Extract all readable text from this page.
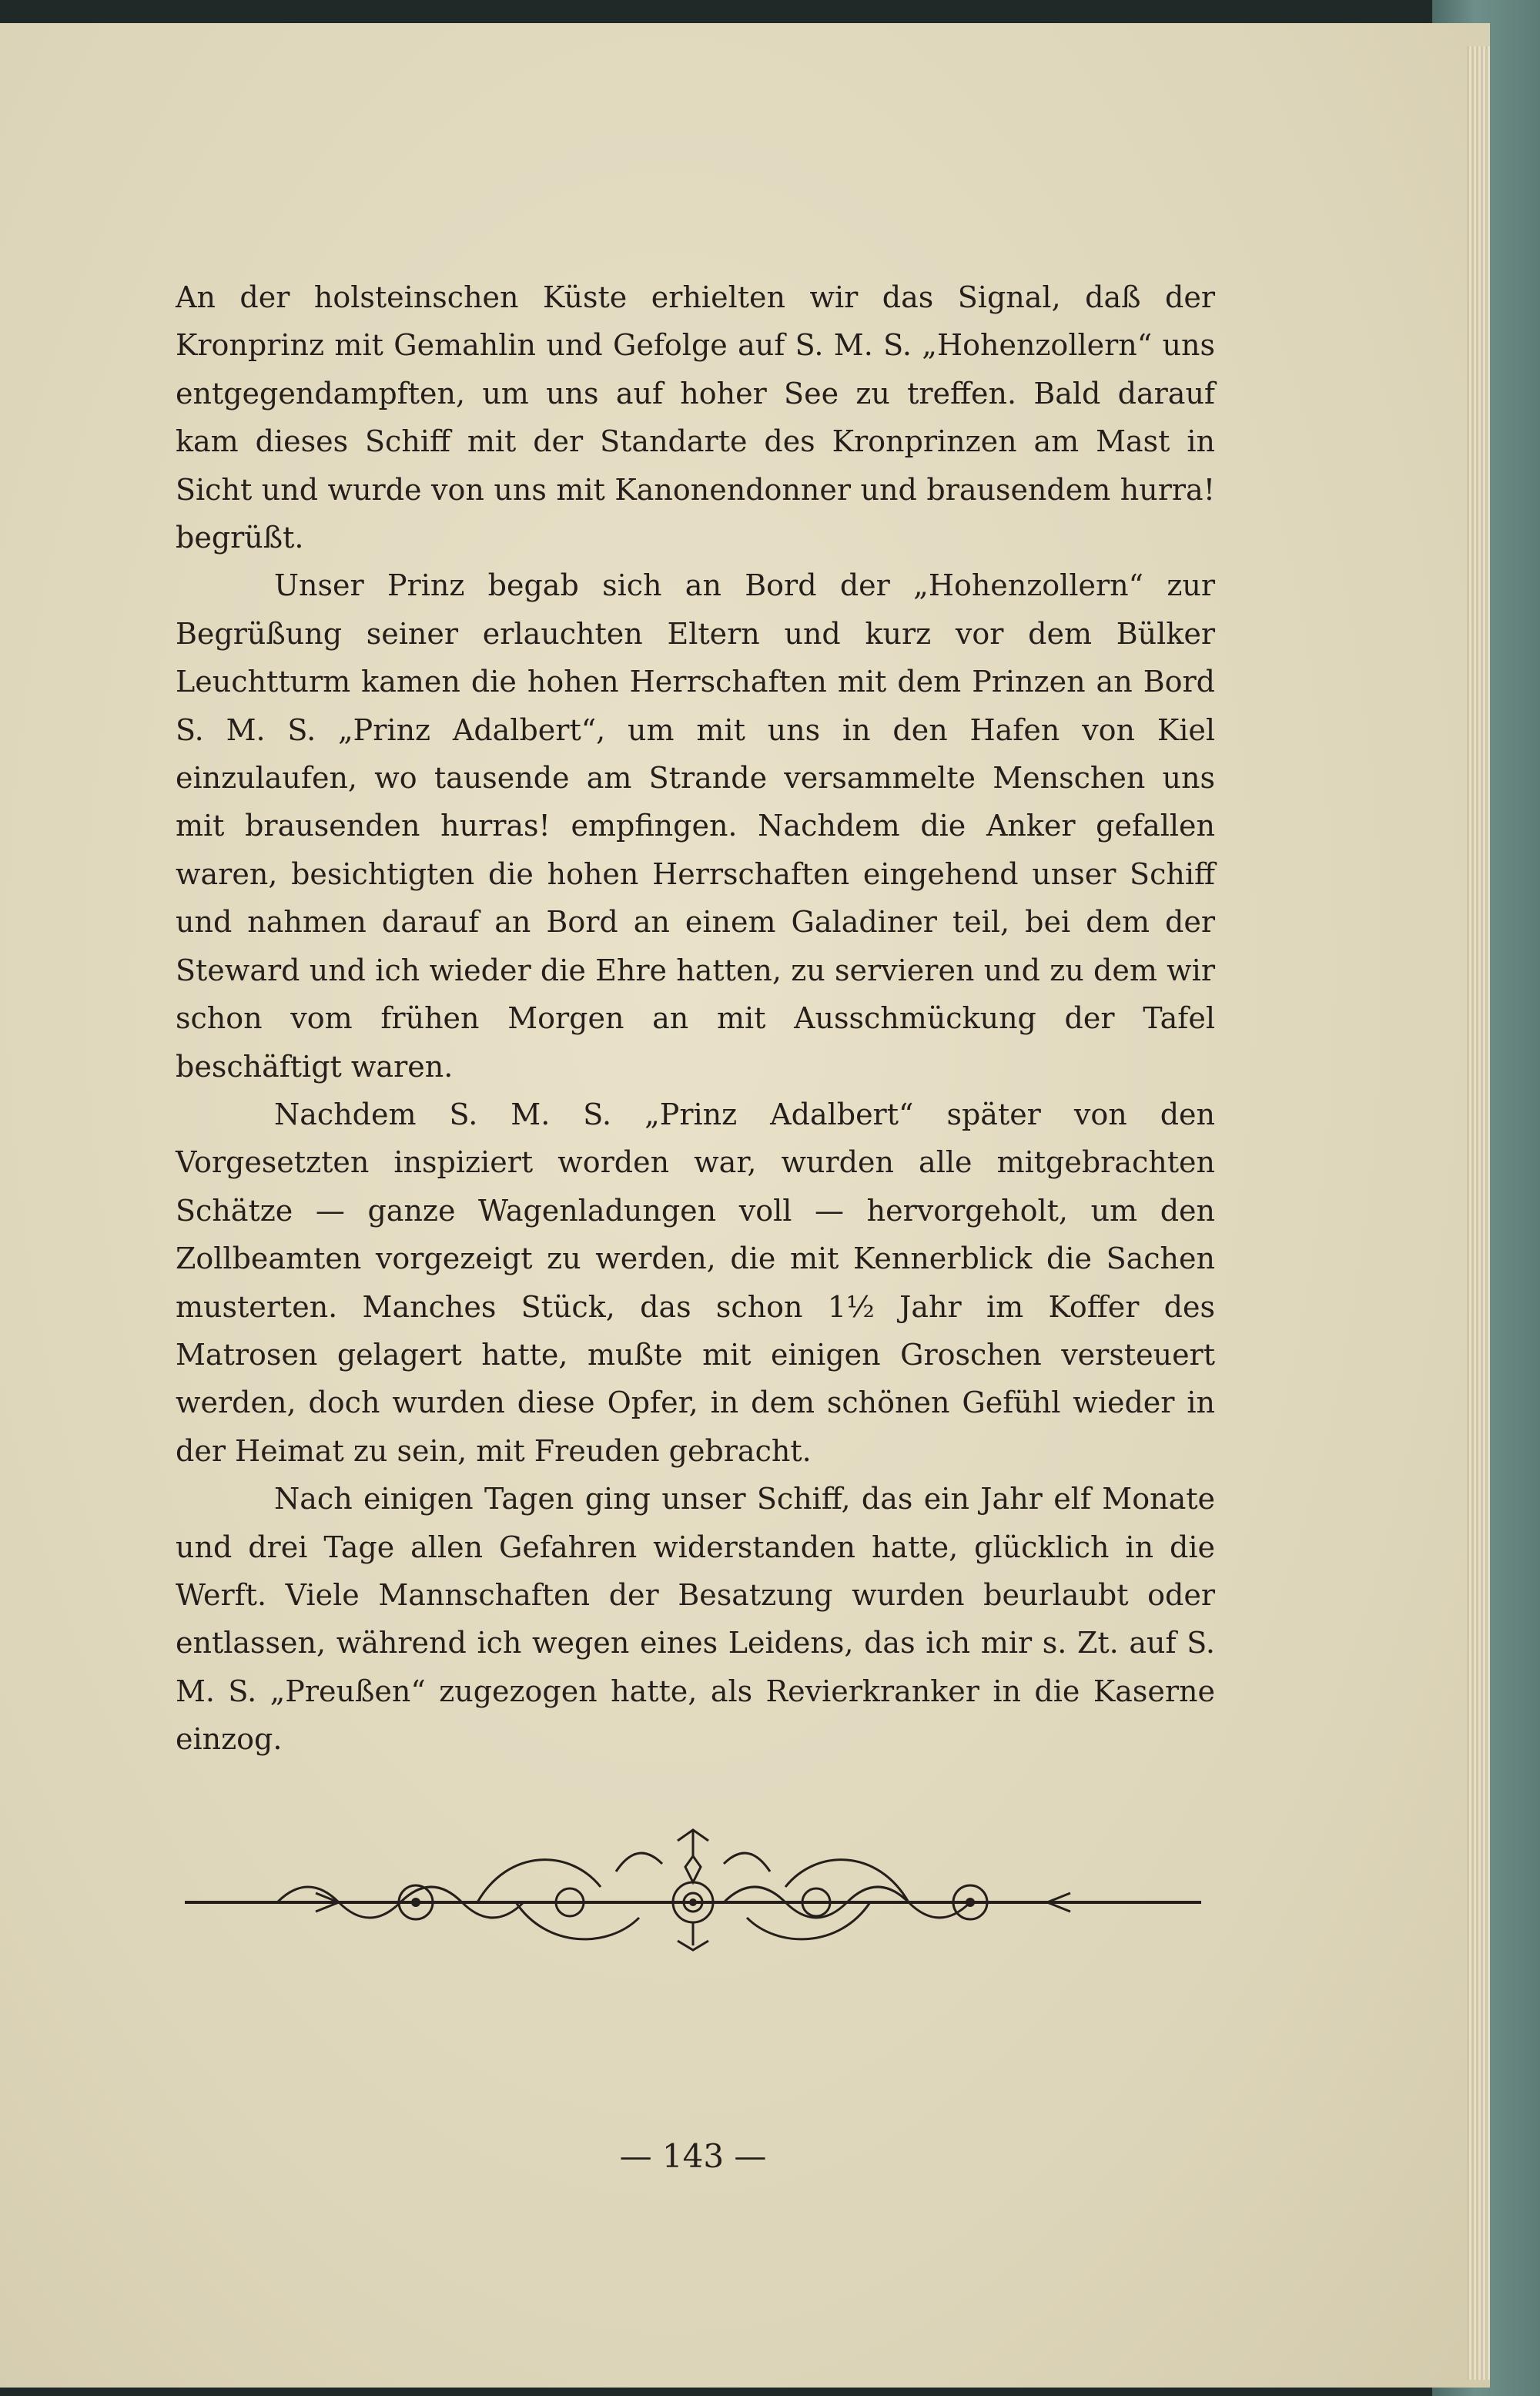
An der holsteinschen Küste erhielten wir das Signal, daß der Kronprinz mit Gemahlin und Gefolge auf S. M. S. „Hohenzollern“ uns entgegendampften, um uns auf hoher See zu treffen. Bald darauf kam dieses Schiff mit der Standarte des Kronprinzen am Mast in Sicht und wurde von uns mit Kanonendonner und brausendem hurra! begrüßt.

Unser Prinz begab sich an Bord der „Hohenzollern“ zur Begrüßung seiner erlauchten Eltern und kurz vor dem Bülker Leuchtturm kamen die hohen Herrschaften mit dem Prinzen an Bord S. M. S. „Prinz Adalbert“, um mit uns in den Hafen von Kiel einzulaufen, wo tausende am Strande versammelte Menschen uns mit brausenden hurras! empfingen. Nachdem die Anker gefallen waren, besichtigten die hohen Herrschaften eingehend unser Schiff und nahmen darauf an Bord an einem Galadiner teil, bei dem der Steward und ich wieder die Ehre hatten, zu servieren und zu dem wir schon vom frühen Morgen an mit Ausschmückung der Tafel beschäftigt waren.

Nachdem S. M. S. „Prinz Adalbert“ später von den Vorgesetzten inspiziert worden war, wurden alle mitgebrachten Schätze — ganze Wagenladungen voll — hervorgeholt, um den Zollbeamten vorgezeigt zu werden, die mit Kennerblick die Sachen musterten. Manches Stück, das schon 1½ Jahr im Koffer des Matrosen gelagert hatte, mußte mit einigen Groschen versteuert werden, doch wurden diese Opfer, in dem schönen Gefühl wieder in der Heimat zu sein, mit Freuden gebracht.

Nach einigen Tagen ging unser Schiff, das ein Jahr elf Monate und drei Tage allen Gefahren widerstanden hatte, glücklich in die Werft. Viele Mannschaften der Besatzung wurden beurlaubt oder entlassen, während ich wegen eines Leidens, das ich mir s. Zt. auf S. M. S. „Preußen“ zugezogen hatte, als Revierkranker in die Kaserne einzog.

— 143 —
